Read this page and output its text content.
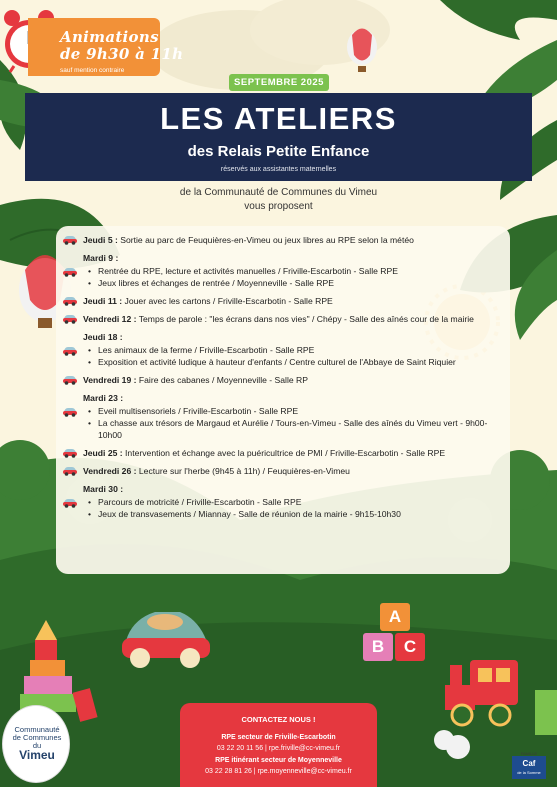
Animations
de 9h30 à 11h
sauf mention contraire
SEPTEMBRE 2025
LES ATELIERS
des Relais Petite Enfance
réservés aux assistantes maternelles
de la Communauté de Communes du Vimeu
vous proposent
Jeudi 5 : Sortie au parc de Feuquières-en-Vimeu ou jeux libres au RPE selon la météo
Mardi 9 :
• Rentrée du RPE, lecture et activités manuelles / Friville-Escarbotin - Salle RPE
• Jeux libres et échanges de rentrée / Moyenneville - Salle RPE
Jeudi 11 : Jouer avec les cartons / Friville-Escarbotin - Salle RPE
Vendredi 12 : Temps de parole : "les écrans dans nos vies" / Chépy - Salle des aînés cour de la mairie
Jeudi 18 :
• Les animaux de la ferme / Friville-Escarbotin - Salle RPE
• Exposition et activité ludique à hauteur d'enfants / Centre culturel de l'Abbaye de Saint Riquier
Vendredi 19 : Faire des cabanes / Moyenneville - Salle RP
Mardi 23 :
• Eveil multisensoriels / Friville-Escarbotin - Salle RPE
• La chasse aux trésors de Margaud et Aurélie / Tours-en-Vimeu - Salle des aînés du Vimeu vert - 9h00-10h00
Jeudi 25 : Intervention et échange avec la puéricultrice de PMI / Friville-Escarbotin - Salle RPE
Vendredi 26 : Lecture sur l'herbe (9h45 à 11h) / Feuquières-en-Vimeu
Mardi 30 :
• Parcours de motricité / Friville-Escarbotin - Salle RPE
• Jeux de transvasements / Miannay - Salle de réunion de la mairie - 9h15-10h30
Communauté
de Communes
du
Vimeu
A
B	C
CONTACTEZ NOUS !
RPE secteur de Friville-Escarbotin
03 22 20 11 56 | rpe.friville@cc-vimeu.fr
RPE itinérant secteur de Moyenneville
03 22 28 81 26 | rpe.moyenneville@cc-vimeu.fr
FAMILLE
Caf
de la Somme
